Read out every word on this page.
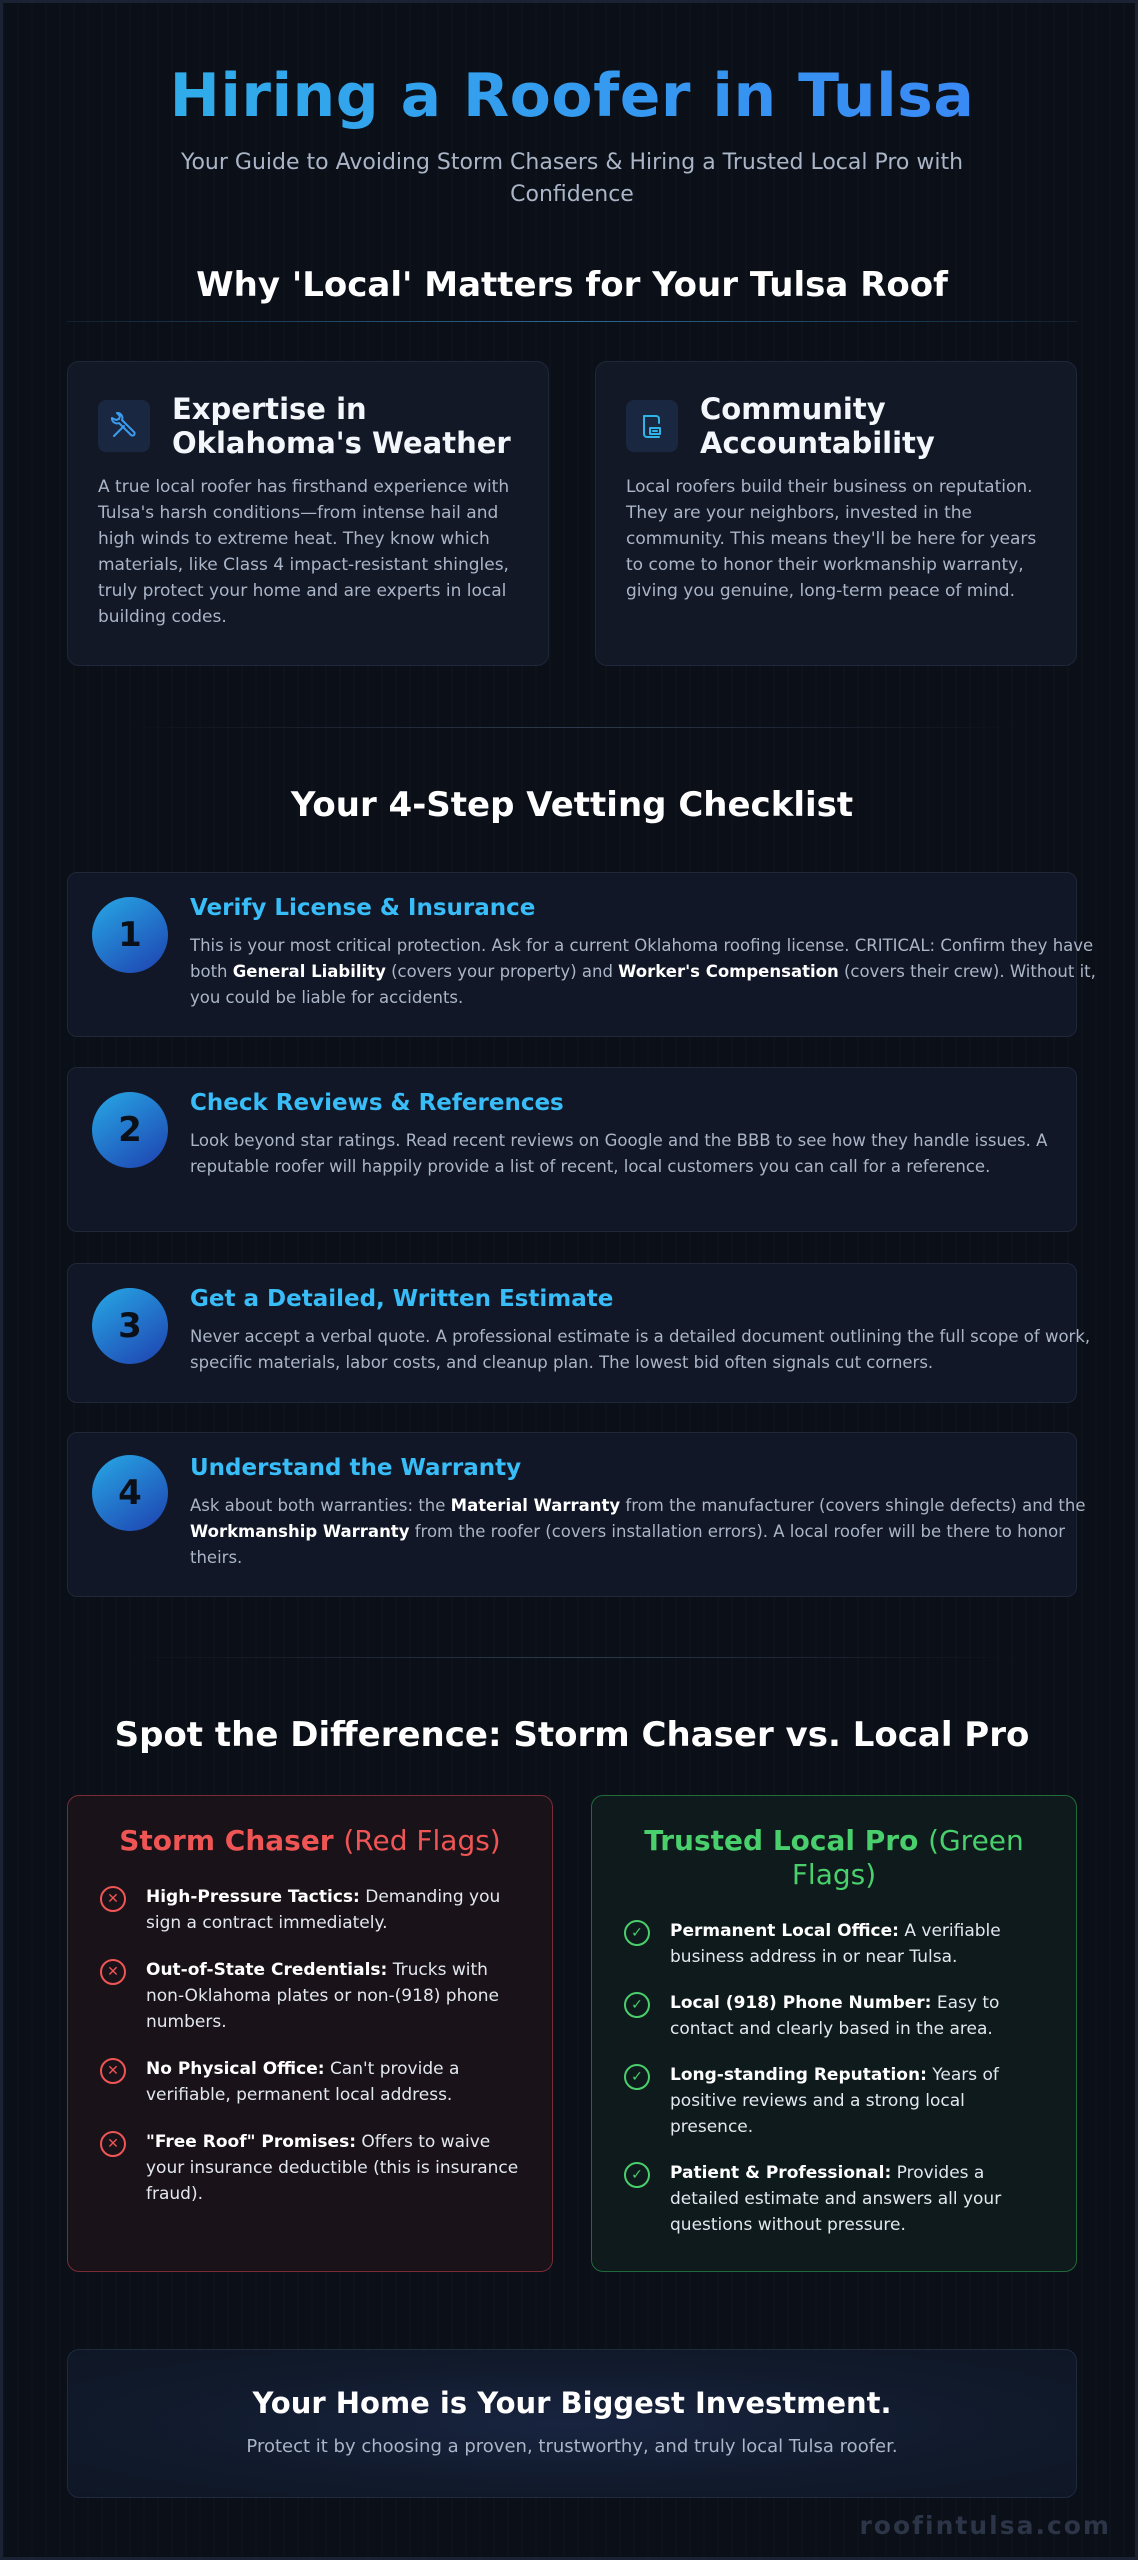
Hiring a Roofer in Tulsa

Your Guide to Avoiding Storm Chasers & Hiring a Trusted Local Pro with Confidence

Why 'Local' Matters for Your Tulsa Roof
Expertise in Oklahoma's Weather

A true local roofer has firsthand experience with Tulsa's harsh conditions—from intense hail and high winds to extreme heat. They know which materials, like Class 4 impact-resistant shingles, truly protect your home and are experts in local building codes.

Community Accountability

Local roofers build their business on reputation. They are your neighbors, invested in the community. This means they'll be here for years to come to honor their workmanship warranty, giving you genuine, long-term peace of mind.

Your 4-Step Vetting Checklist
1
Verify License & Insurance

This is your most critical protection. Ask for a current Oklahoma roofing license. CRITICAL: Confirm they have both General Liability (covers your property) and Worker's Compensation (covers their crew). Without it, you could be liable for accidents.

2
Check Reviews & References

Look beyond star ratings. Read recent reviews on Google and the BBB to see how they handle issues. A reputable roofer will happily provide a list of recent, local customers you can call for a reference.

3
Get a Detailed, Written Estimate

Never accept a verbal quote. A professional estimate is a detailed document outlining the full scope of work, specific materials, labor costs, and cleanup plan. The lowest bid often signals cut corners.

4
Understand the Warranty

Ask about both warranties: the Material Warranty from the manufacturer (covers shingle defects) and the Workmanship Warranty from the roofer (covers installation errors). A local roofer will be there to honor theirs.

Spot the Difference: Storm Chaser vs. Local Pro
Storm Chaser (Red Flags)
✕	High-Pressure Tactics: Demanding you sign a contract immediately.
✕	Out-of-State Credentials: Trucks with non-Oklahoma plates or non-(918) phone numbers.
✕	No Physical Office: Can't provide a verifiable, permanent local address.
✕	"Free Roof" Promises: Offers to waive your insurance deductible (this is insurance fraud).
Trusted Local Pro (Green Flags)
✓	Permanent Local Office: A verifiable business address in or near Tulsa.
✓	Local (918) Phone Number: Easy to contact and clearly based in the area.
✓	Long-standing Reputation: Years of positive reviews and a strong local presence.
✓	Patient & Professional: Provides a detailed estimate and answers all your questions without pressure.
Your Home is Your Biggest Investment.

Protect it by choosing a proven, trustworthy, and truly local Tulsa roofer.

roofintulsa.com
